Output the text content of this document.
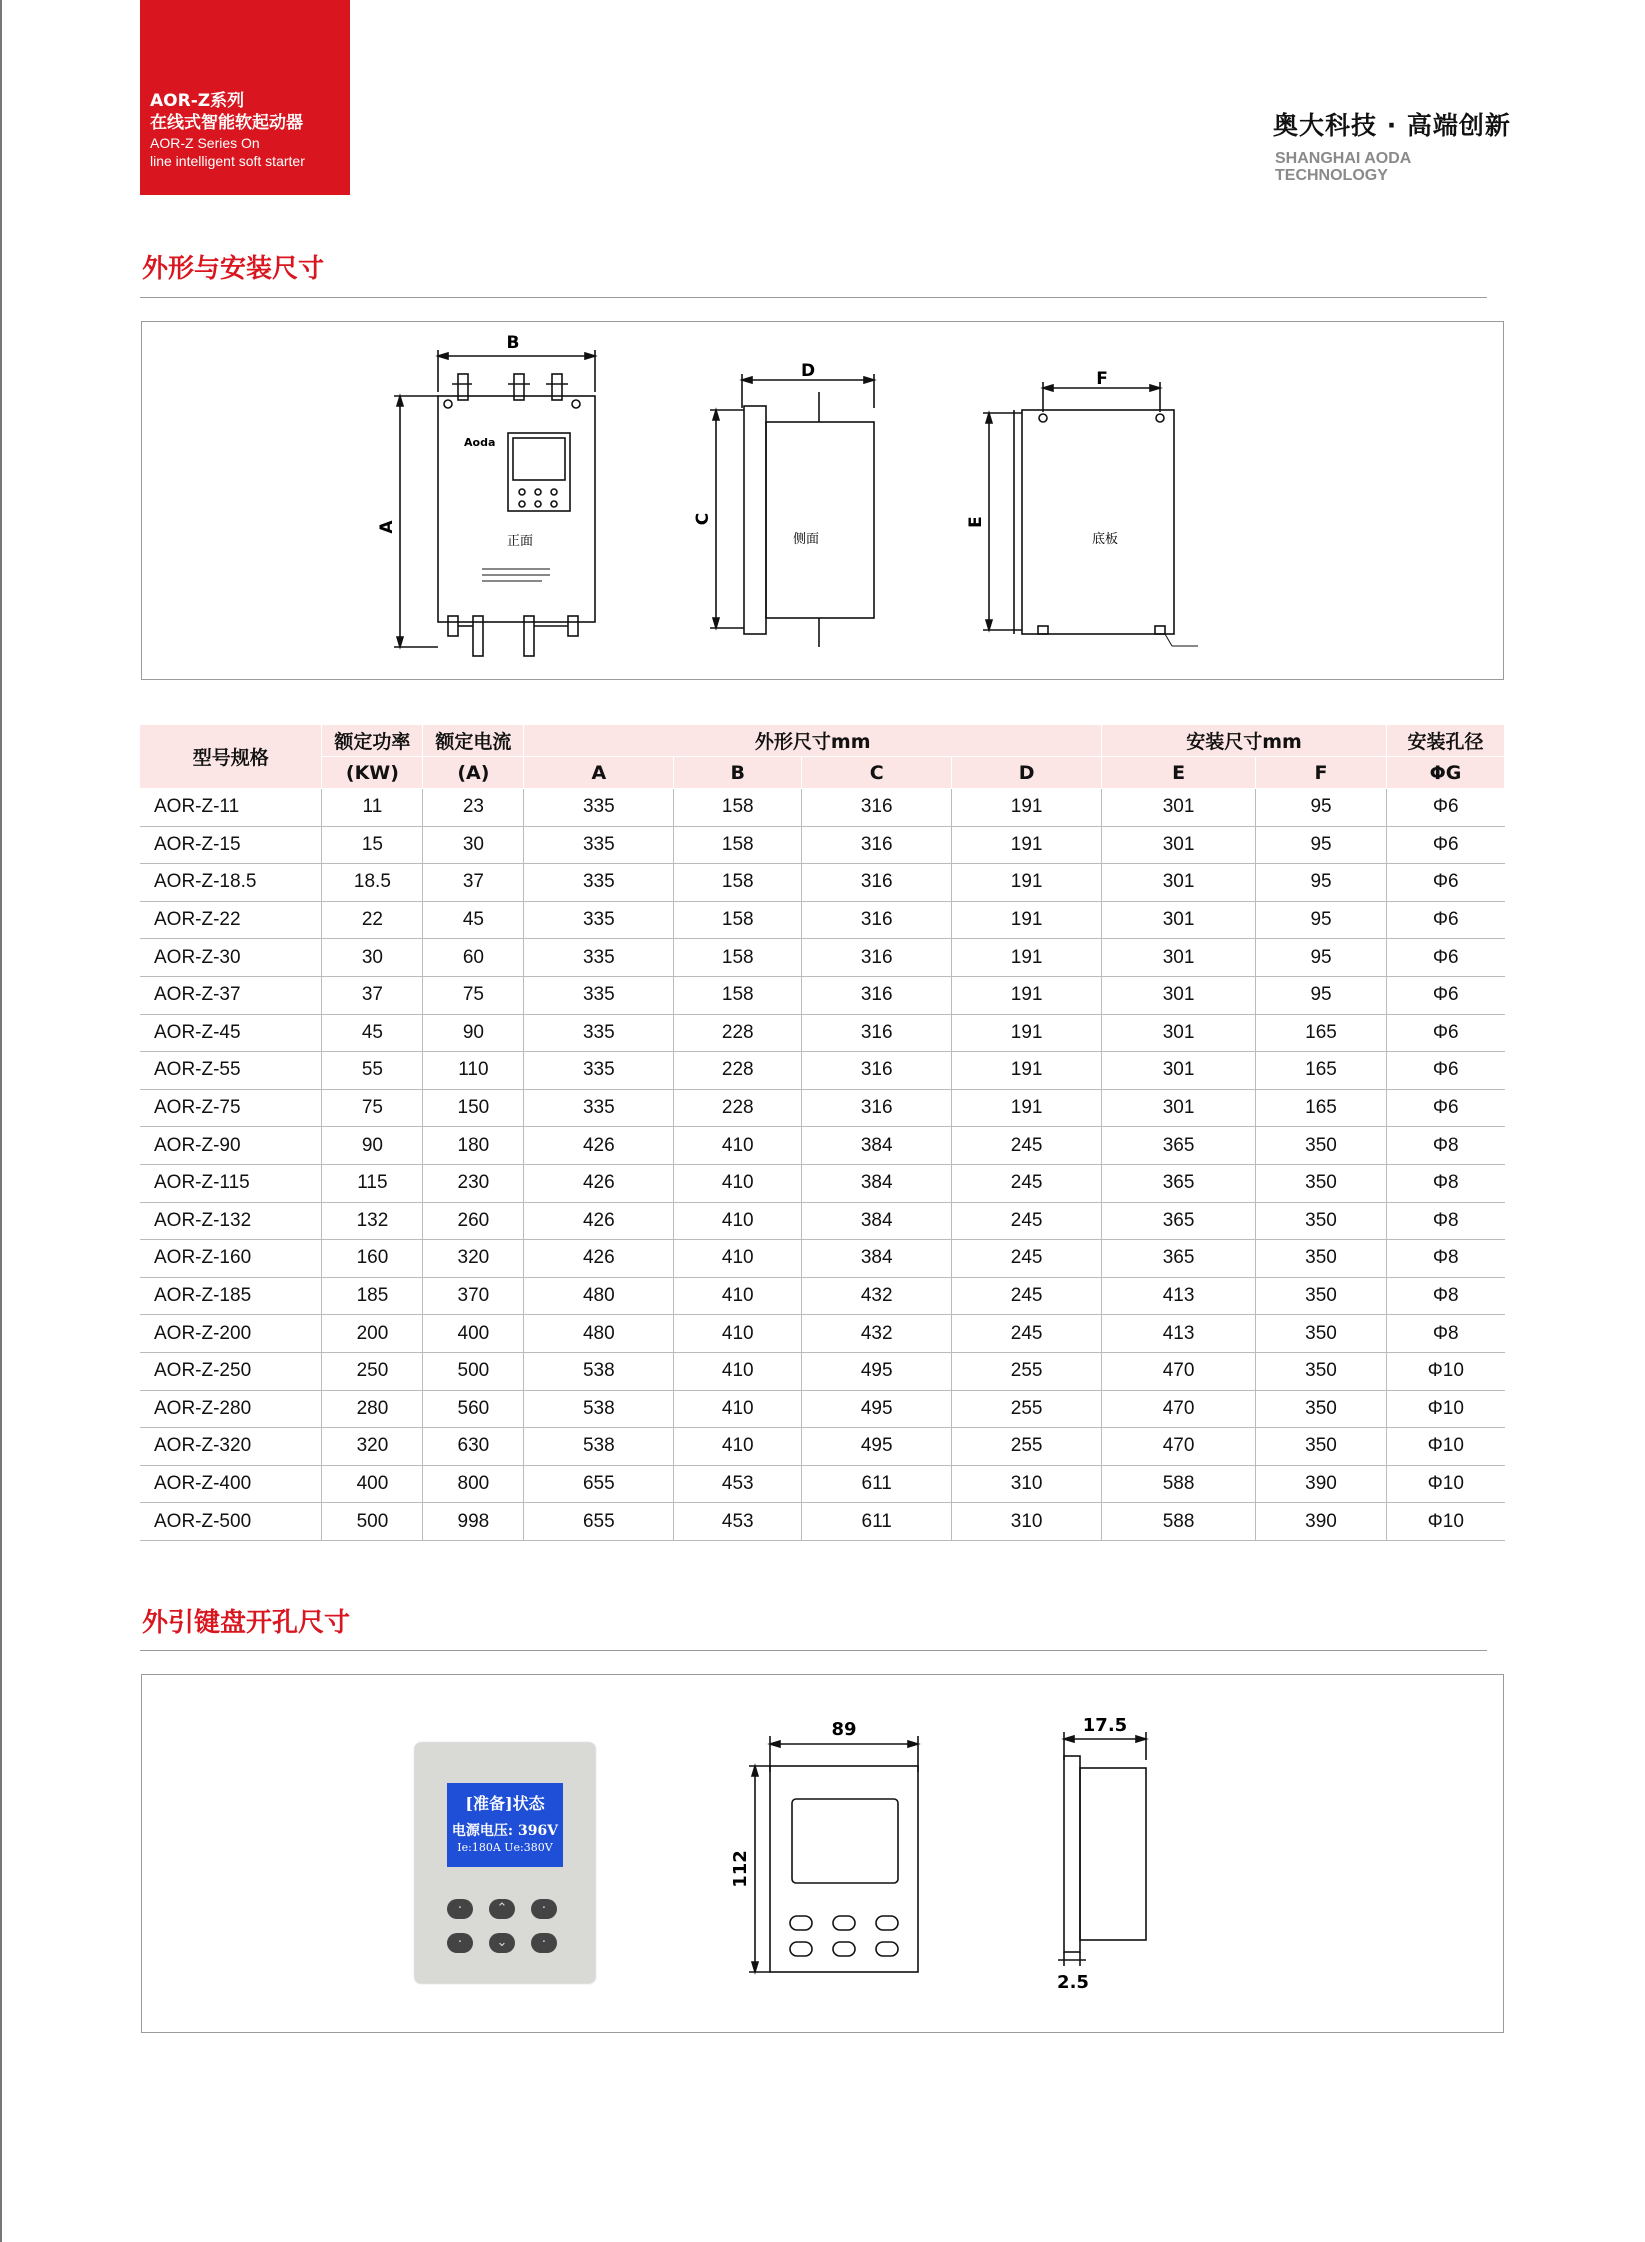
AOR-Z系列
在线式智能软起动器
AOR-Z Series On
line intelligent soft starter
奥大科技 · 高端创新
SHANGHAI AODA
TECHNOLOGY
外形与安装尺寸
B
A
Aoda
正面
D
C
侧面
F
E
底板
型号规格	额定功率	额定电流	外形尺寸mm				安装尺寸mm		安装孔径
	(KW)	(A)	A	B	C	D	E	F	ΦG
AOR-Z-11	11	23	335	158	316	191	301	95	Φ6
AOR-Z-15	15	30	335	158	316	191	301	95	Φ6
AOR-Z-18.5	18.5	37	335	158	316	191	301	95	Φ6
AOR-Z-22	22	45	335	158	316	191	301	95	Φ6
AOR-Z-30	30	60	335	158	316	191	301	95	Φ6
AOR-Z-37	37	75	335	158	316	191	301	95	Φ6
AOR-Z-45	45	90	335	228	316	191	301	165	Φ6
AOR-Z-55	55	110	335	228	316	191	301	165	Φ6
AOR-Z-75	75	150	335	228	316	191	301	165	Φ6
AOR-Z-90	90	180	426	410	384	245	365	350	Φ8
AOR-Z-115	115	230	426	410	384	245	365	350	Φ8
AOR-Z-132	132	260	426	410	384	245	365	350	Φ8
AOR-Z-160	160	320	426	410	384	245	365	350	Φ8
AOR-Z-185	185	370	480	410	432	245	413	350	Φ8
AOR-Z-200	200	400	480	410	432	245	413	350	Φ8
AOR-Z-250	250	500	538	410	495	255	470	350	Φ10
AOR-Z-280	280	560	538	410	495	255	470	350	Φ10
AOR-Z-320	320	630	538	410	495	255	470	350	Φ10
AOR-Z-400	400	800	655	453	611	310	588	390	Φ10
AOR-Z-500	500	998	655	453	611	310	588	390	Φ10
外引键盘开孔尺寸
[准备]状态
电源电压: 396V
Ie:180A Ue:380V
·	⌃	· ·	⌄	·
89
112
17.5
2.5
